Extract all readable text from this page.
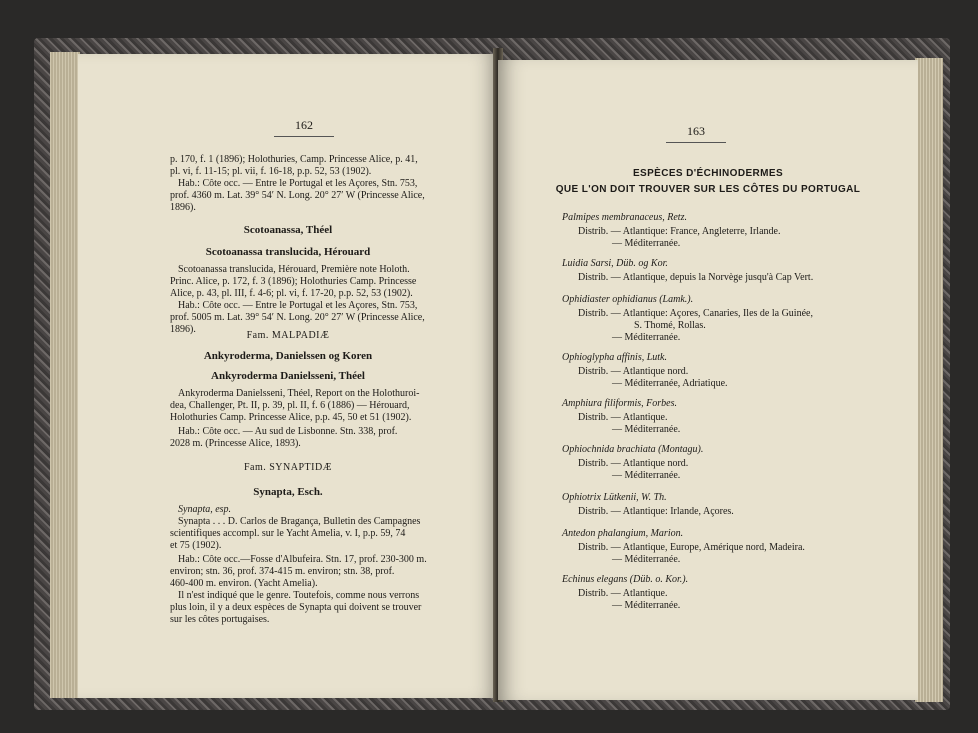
162
p. 170, f. 1 (1896); Holothuries, Camp. Princesse Alice, p. 41,
pl. vi, f. 11-15; pl. vii, f. 16-18, p.p. 52, 53 (1902).
Hab.: Côte occ. — Entre le Portugal et les Açores, Stn. 753,
prof. 4360 m. Lat. 39° 54′ N. Long. 20° 27′ W (Princesse Alice,
1896).
Scotoanassa, Théel
Scotoanassa translucida, Hérouard
Scotoanassa translucida, Hérouard, Première note Holoth.
Princ. Alice, p. 172, f. 3 (1896); Holothuries Camp. Princesse
Alice, p. 43, pl. III, f. 4-6; pl. vi, f. 17-20, p.p. 52, 53 (1902).
Hab.: Côte occ. — Entre le Portugal et les Açores, Stn. 753,
prof. 5005 m. Lat. 39° 54′ N. Long. 20° 27′ W (Princesse Alice,
1896).
Fam. MALPADIÆ
Ankyroderma, Danielssen og Koren
Ankyroderma Danielsseni, Théel
Ankyroderma Danielsseni, Théel, Report on the Holothuroi-
dea, Challenger, Pt. II, p. 39, pl. II, f. 6 (1886) — Hérouard,
Holothuries Camp. Princesse Alice, p.p. 45, 50 et 51 (1902).
Hab.: Côte occ. — Au sud de Lisbonne. Stn. 338, prof.
2028 m. (Princesse Alice, 1893).
Fam. SYNAPTIDÆ
Synapta, Esch.
Synapta, esp.
Synapta . . . D. Carlos de Bragança, Bulletin des Campagnes
scientifiques accompl. sur le Yacht Amelia, v. I, p.p. 59, 74
et 75 (1902).
Hab.: Côte occ.—Fosse d'Albufeira. Stn. 17, prof. 230-300 m.
environ; stn. 36, prof. 374-415 m. environ; stn. 38, prof.
460-400 m. environ. (Yacht Amelia).
Il n'est indiqué que le genre. Toutefois, comme nous verrons
plus loin, il y a deux espèces de Synapta qui doivent se trouver
sur les côtes portugaises.
163
ESPÈCES D'ÉCHINODERMES
QUE L'ON DOIT TROUVER SUR LES CÔTES DU PORTUGAL
Palmipes membranaceus, Retz.
Distrib. — Atlantique: France, Angleterre, Irlande.
— Méditerranée.
Luidia Sarsi, Düb. og Kor.
Distrib. — Atlantique, depuis la Norvège jusqu'à Cap Vert.
Ophidiaster ophidianus (Lamk.).
Distrib. — Atlantique: Açores, Canaries, Iles de la Guinée,
S. Thomé, Rollas.
— Méditerranée.
Ophioglypha affinis, Lutk.
Distrib. — Atlantique nord.
— Méditerranée, Adriatique.
Amphiura filiformis, Forbes.
Distrib. — Atlantique.
— Méditerranée.
Ophiochnida brachiata (Montagu).
Distrib. — Atlantique nord.
— Méditerranée.
Ophiotrix Lütkenii, W. Th.
Distrib. — Atlantique: Irlande, Açores.
Antedon phalangium, Marion.
Distrib. — Atlantique, Europe, Amérique nord, Madeira.
— Méditerranée.
Echinus elegans (Düb. o. Kor.).
Distrib. — Atlantique.
— Méditerranée.
